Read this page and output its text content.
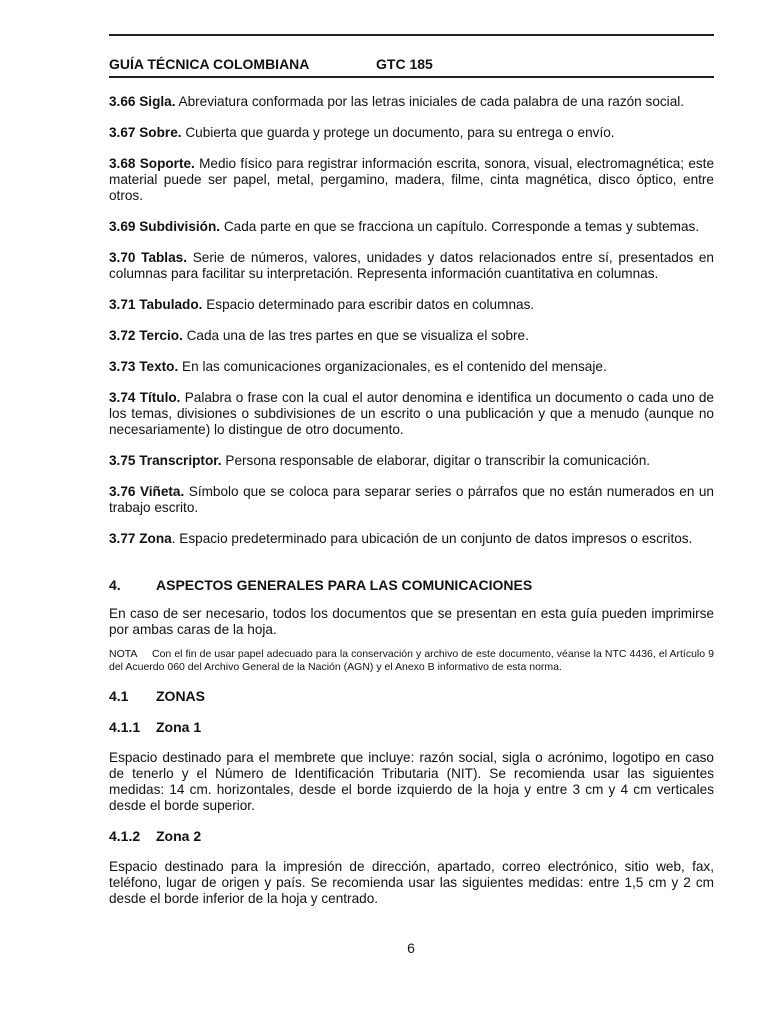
GUÍA TÉCNICA COLOMBIANA	GTC 185

3.66 Sigla. Abreviatura conformada por las letras iniciales de cada palabra de una razón social.

3.67 Sobre. Cubierta que guarda y protege un documento, para su entrega o envío.

3.68 Soporte. Medio físico para registrar información escrita, sonora, visual, electromagnética; este material puede ser papel, metal, pergamino, madera, filme, cinta magnética, disco óptico, entre otros.

3.69 Subdivisión. Cada parte en que se fracciona un capítulo. Corresponde a temas y subtemas.

3.70 Tablas. Serie de números, valores, unidades y datos relacionados entre sí, presentados en columnas para facilitar su interpretación. Representa información cuantitativa en columnas.

3.71 Tabulado. Espacio determinado para escribir datos en columnas.

3.72 Tercio. Cada una de las tres partes en que se visualiza el sobre.

3.73 Texto. En las comunicaciones organizacionales, es el contenido del mensaje.

3.74 Título. Palabra o frase con la cual el autor denomina e identifica un documento o cada uno de los temas, divisiones o subdivisiones de un escrito o una publicación y que a menudo (aunque no necesariamente) lo distingue de otro documento.

3.75 Transcriptor. Persona responsable de elaborar, digitar o transcribir la comunicación.

3.76 Viñeta. Símbolo que se coloca para separar series o párrafos que no están numerados en un trabajo escrito.

3.77 Zona. Espacio predeterminado para ubicación de un conjunto de datos impresos o escritos.

4.	ASPECTOS GENERALES PARA LAS COMUNICACIONES

En caso de ser necesario, todos los documentos que se presentan en esta guía pueden imprimirse por ambas caras de la hoja.

NOTA Con el fin de usar papel adecuado para la conservación y archivo de este documento, véanse la NTC 4436, el Artículo 9 del Acuerdo 060 del Archivo General de la Nación (AGN) y el Anexo B informativo de esta norma.

4.1 ZONAS
4.1.1 Zona 1

Espacio destinado para el membrete que incluye: razón social, sigla o acrónimo, logotipo en caso de tenerlo y el Número de Identificación Tributaria (NIT). Se recomienda usar las siguientes medidas: 14 cm. horizontales, desde el borde izquierdo de la hoja y entre 3 cm y 4 cm verticales desde el borde superior.

4.1.2 Zona 2

Espacio destinado para la impresión de dirección, apartado, correo electrónico, sitio web, fax, teléfono, lugar de origen y país. Se recomienda usar las siguientes medidas: entre 1,5 cm y 2 cm desde el borde inferior de la hoja y centrado.

6
